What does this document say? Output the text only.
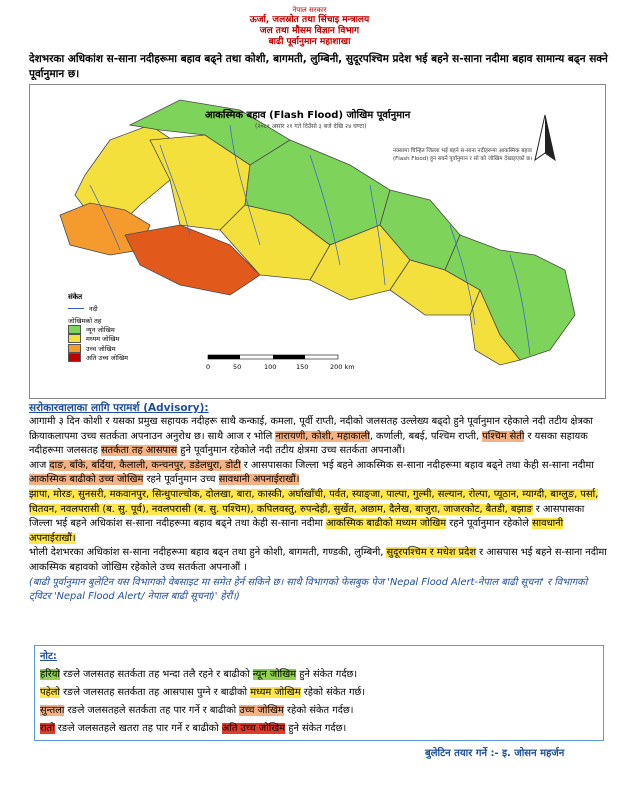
नेपाल सरकार
ऊर्जा, जलस्रोत तथा सिंचाइ मन्त्रालय
जल तथा मौसम विज्ञान विभाग
बाढी पूर्वानुमान महाशाखा
देशभरका अधिकांश स-साना नदीहरूमा बहाव बढ्ने तथा कोशी, बागमती, लुम्बिनी, सुदूरपश्चिम प्रदेश भई बहने स-साना नदीमा बहाव सामान्य बढ्न सक्ने पूर्वानुमान छ।
0	50	100	150	200 km
आकस्मिक बहाव (Flash Flood) जोखिम पूर्वानुमान
(२०८१ असार २१ गते दिउँसो ३ बजे देखि २४ घण्टा)
नक्सामा चिन्हित जिल्ला भई बहने स-साना नदीहरूमा आकस्मिक बहाव
(Flash Flood) हुन सक्ने पूर्वानुमान र सो को जोखिम देखाइएको छ।
संकेत
नदी
जोखिमको तह
न्यून जोखिम
मध्यम जोखिम
उच्च जोखिम
अति उच्च जोखिम
सरोकारवालाका लागि परामर्श (Advisory):

आगामी ३ दिन कोशी र यसका प्रमुख सहायक नदीहरू साथै कन्काई, कमला, पूर्वी राप्ती, नदीको जलसतह उल्लेख्य बढ्दो हुने पूर्वानुमान रहेकाले नदी तटीय क्षेत्रका क्रियाकलापमा उच्च सतर्कता अपनाउन अनुरोध छ। साथै आज र भोलि नारायणी, कोशी, महाकाली, कर्णाली, बबई, पश्चिम राप्ती, पश्चिम सेती र यसका सहायक नदीहरूमा जलसतह सतर्कता तह आसपास हुने पूर्वानुमान रहेकोले नदी तटीय क्षेत्रमा उच्च सतर्कता अपनाऔं।

आज दाङ, बाँके, बर्दिया, कैलाली, कन्चनपुर, डडेलधुरा, डोटी र आसपासका जिल्ला भई बहने आकस्मिक स-साना नदीहरूमा बहाव बढ्ने तथा केही स-साना नदीमा आकस्मिक बाढीको उच्च जोखिम रहने पूर्वानुमान उच्च सावधानी अपनाईराखौं।

झापा, मोरङ, सुनसरी, मकवानपुर, सिन्धुपाल्चोक, दोलखा, बारा, कास्की, अर्घाखाँची, पर्वत, स्याङ्जा, पाल्पा, गुल्मी, सल्यान, रोल्पा, प्यूठान, म्याग्दी, बाग्लुङ, पर्सा, चितवन, नवलपरासी (ब. सु. पूर्व), नवलपरासी (ब. सु. पश्चिम), कपिलवस्तु, रुपन्देही, सुर्खेत, अछाम, दैलेख, बाजुरा, जाजरकोट, बैतडी, बझाङ र आसपासका जिल्ला भई बहने अधिकांश स-साना नदीहरूमा बहाव बढ्ने तथा केही स-साना नदीमा आकस्मिक बाढीको मध्यम जोखिम रहने पूर्वानुमान रहेकोले सावधानी अपनाईराखौं।

भोली देशभरका अधिकांश स-साना नदीहरूमा बहाव बढ्न तथा हुने कोशी, बागमती, गण्डकी, लुम्बिनी, सुदूरपश्चिम र मधेश प्रदेश र आसपास भई बहने स-साना नदीमा आकस्मिक बहावको जोखिम रहेकोले उच्च सतर्कता अपनाऔं ।

(बाढी पूर्वानुमान बुलेटिन यस विभागको वेबसाइट मा समेत हेर्न सकिने छ। साथै विभागको फेसबुक पेज 'Nepal Flood Alert-नेपाल बाढी सूचना' र विभागको ट्विटर 'Nepal Flood Alert/ नेपाल बाढी सूचना)' हेरौं।)

नोट:
हरियो रङले जलसतह सतर्कता तह भन्दा तलै रहने र बाढीको न्यून जोखिम हुने संकेत गर्दछ।
पहेलो रङले जलसतह सतर्कता तह आसपास पुग्ने र बाढीको मध्यम जोखिम रहेको संकेत गर्छ।
सुन्तला रङले जलसतहले सतर्कता तह पार गर्ने र बाढीको उच्च जोखिम रहेको संकेत गर्दछ।
रातो रङले जलसतहले खतरा तह पार गर्ने र बाढीको अति उच्च जोखिम हुने संकेत गर्दछ।
बुलेटिन तयार गर्ने :- इ. जोसन महर्जन
